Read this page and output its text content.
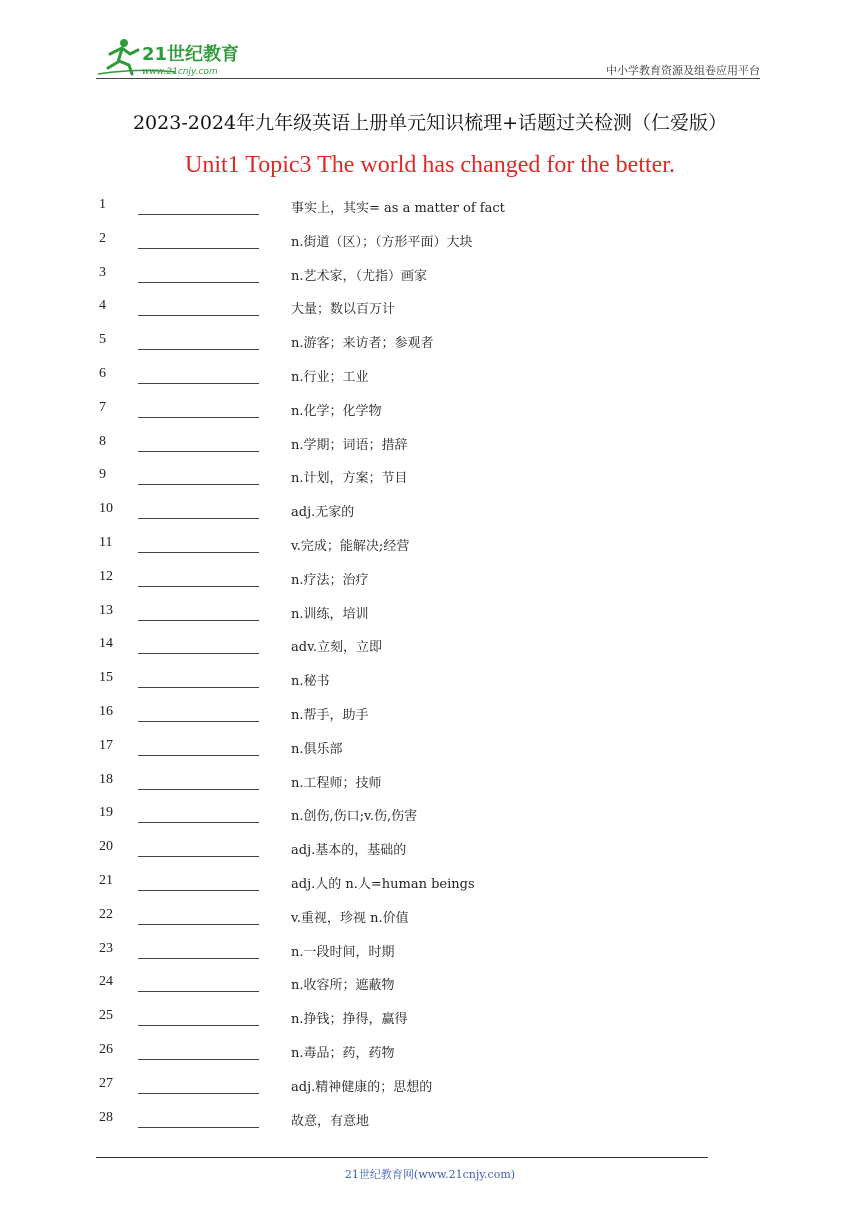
21世纪教育
www.21cnjy.com	中小学教育资源及组卷应用平台
2023-2024年九年级英语上册单元知识梳理+话题过关检测（仁爱版）
Unit1 Topic3 The world has changed for the better.
1	事实上，其实= as a matter of fact
2	n.街道（区）；（方形平面）大块
3	n.艺术家，（尤指）画家
4	大量；数以百万计
5	n.游客；来访者；参观者
6	n.行业；工业
7	n.化学；化学物
8	n.学期；词语；措辞
9	n.计划，方案；节目
10	adj.无家的
11	v.完成；能解决;经营
12	n.疗法；治疗
13	n.训练，培训
14	adv.立刻，立即
15	n.秘书
16	n.帮手，助手
17	n.俱乐部
18	n.工程师；技师
19	n.创伤,伤口;v.伤,伤害
20	adj.基本的，基础的
21	adj.人的 n.人=human beings
22	v.重视，珍视 n.价值
23	n.一段时间，时期
24	n.收容所；遮蔽物
25	n.挣钱；挣得，赢得
26	n.毒品；药，药物
27	adj.精神健康的；思想的
28	故意，有意地
21世纪教育网(www.21cnjy.com)
